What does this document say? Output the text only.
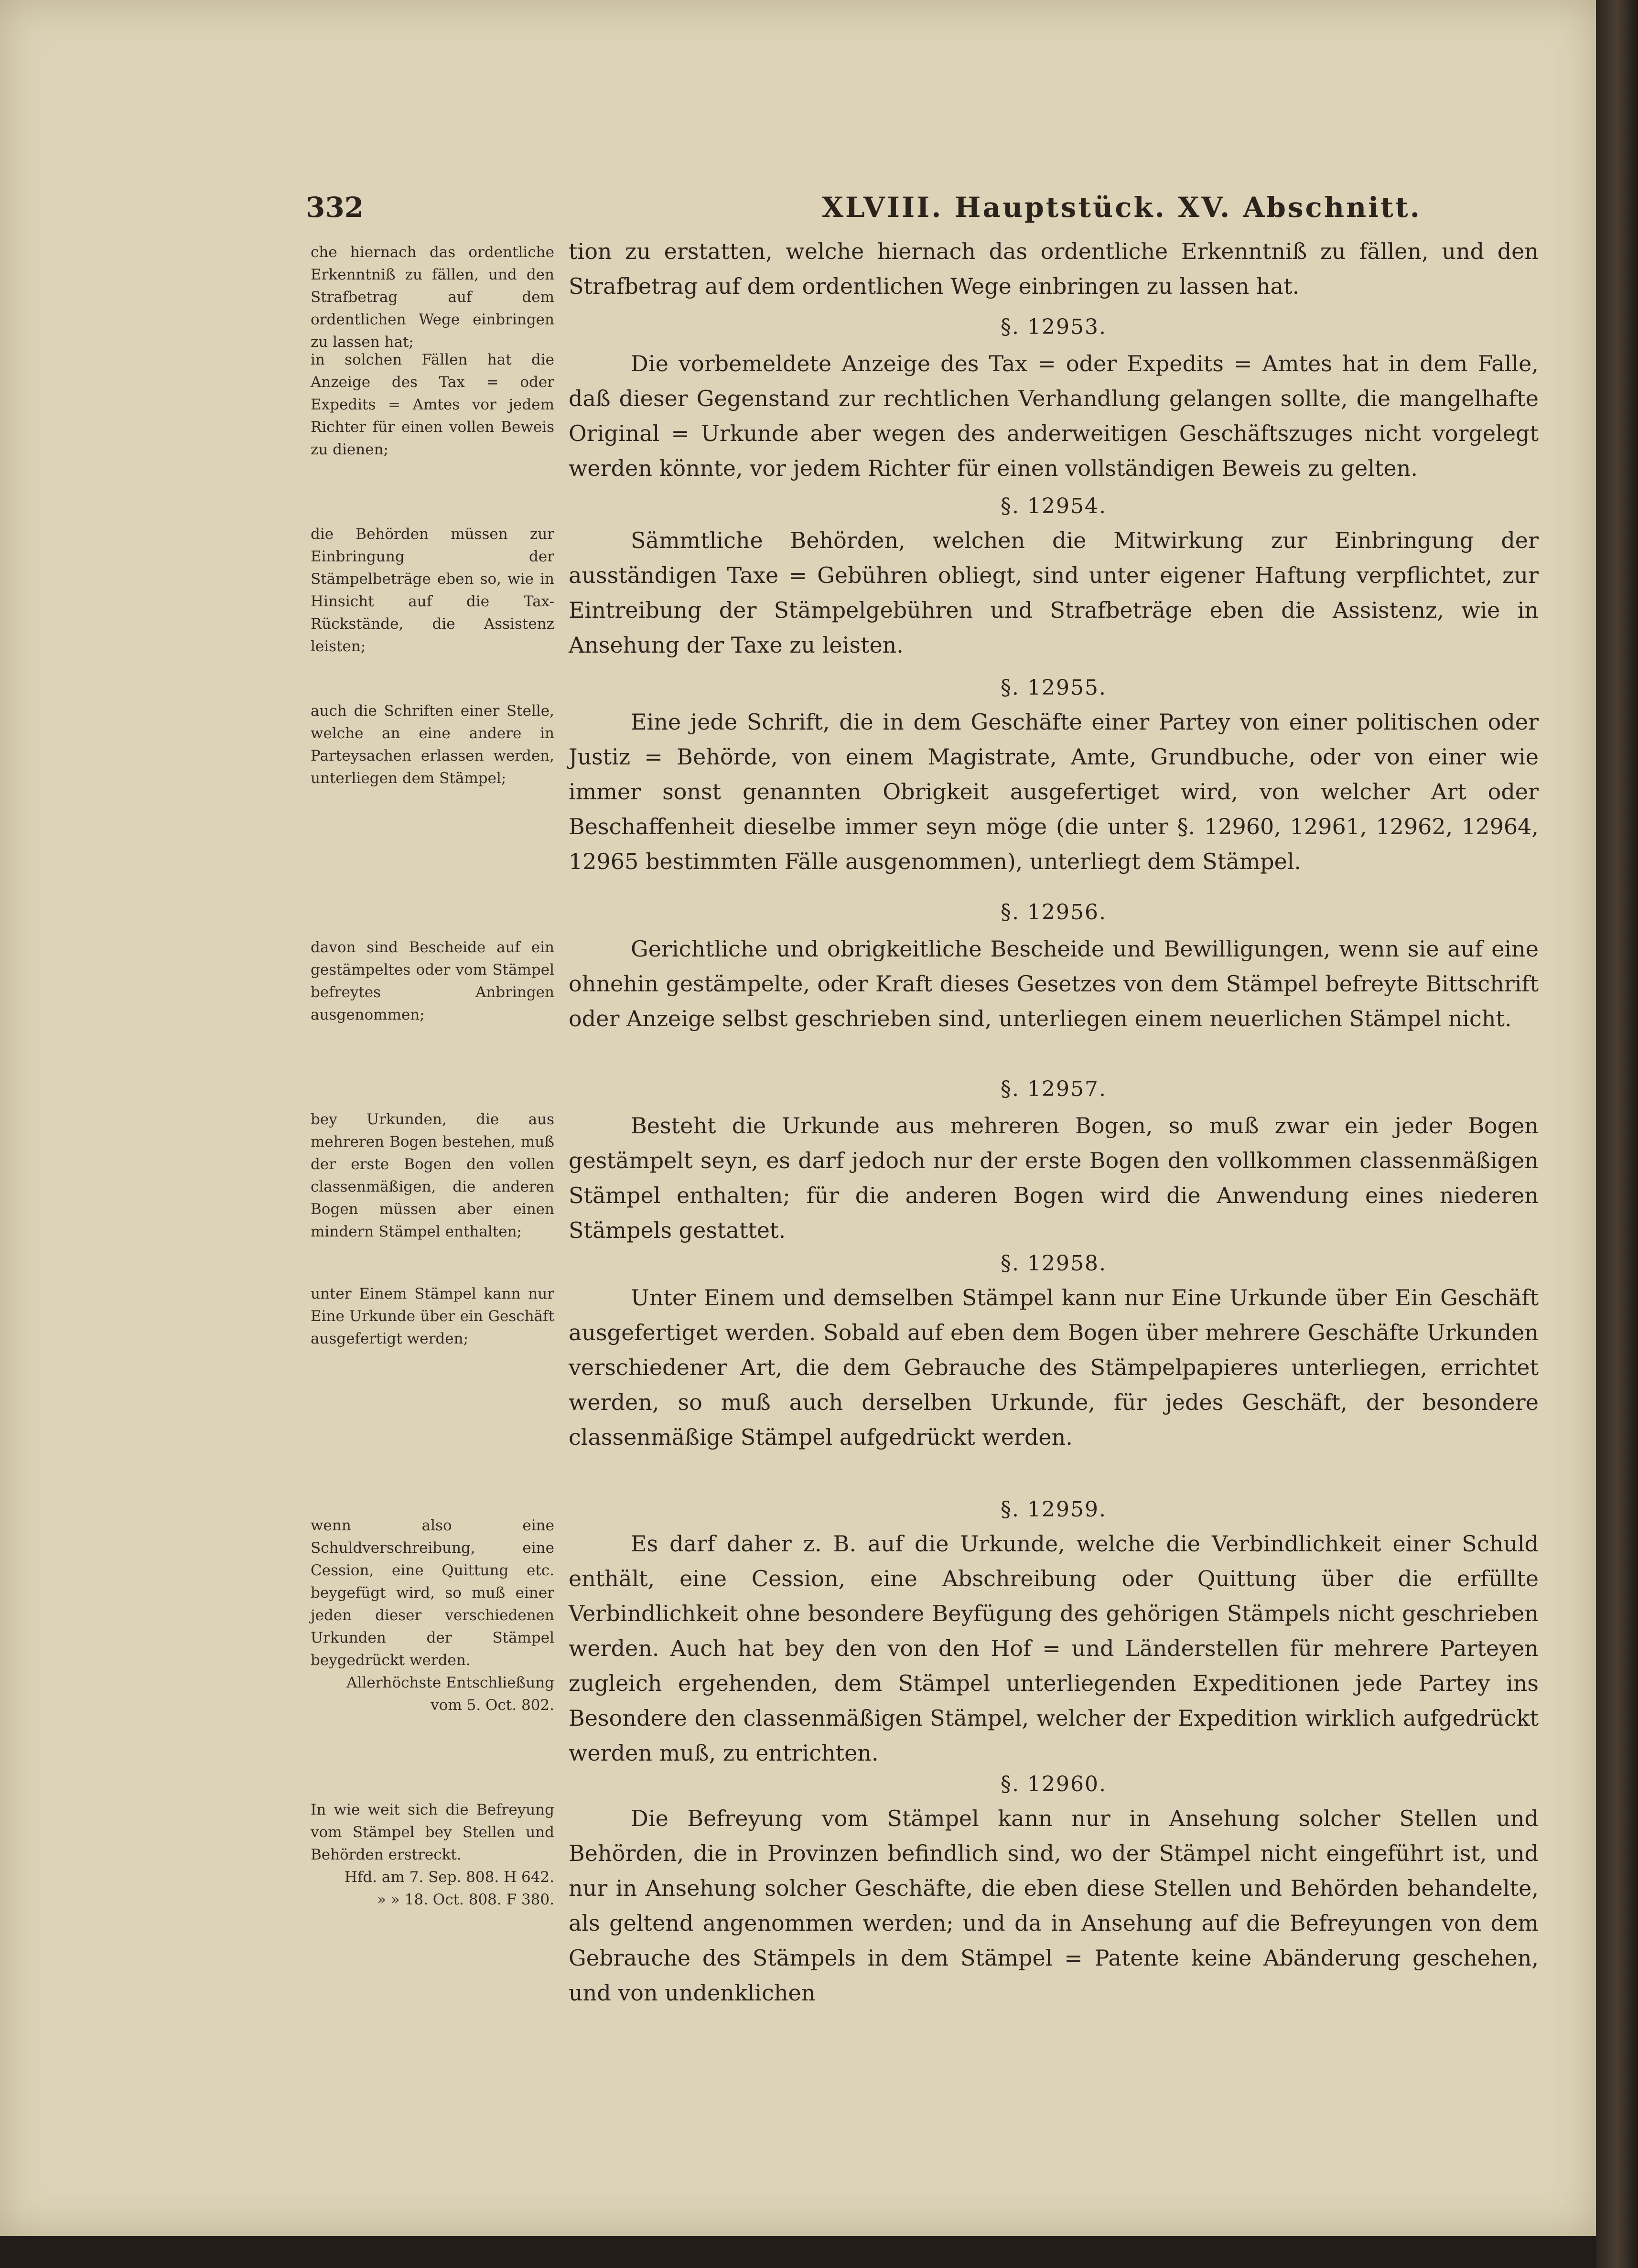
332	XLVIII. Hauptstück. XV. Abschnitt.
che hiernach das ordentliche Erkenntniß zu fällen, und den Strafbetrag auf dem ordentlichen Wege einbringen zu lassen hat;
in solchen Fällen hat die Anzeige des Tax = oder Expedits = Amtes vor jedem Richter für einen vollen Beweis zu dienen;
die Behörden müssen zur Einbringung der Stämpelbeträge eben so, wie in Hinsicht auf die Tax-Rückstände, die Assistenz leisten;
auch die Schriften einer Stelle, welche an eine andere in Parteysachen erlassen werden, unterliegen dem Stämpel;
davon sind Bescheide auf ein gestämpeltes oder vom Stämpel befreytes Anbringen ausgenommen;
bey Urkunden, die aus mehreren Bogen bestehen, muß der erste Bogen den vollen classenmäßigen, die anderen Bogen müssen aber einen mindern Stämpel enthalten;
unter Einem Stämpel kann nur Eine Urkunde über ein Geschäft ausgefertigt werden;
wenn also eine Schuldverschreibung, eine Cession, eine Quittung etc. beygefügt wird, so muß einer jeden dieser verschiedenen Urkunden der Stämpel beygedrückt werden.
Allerhöchste Entschließung vom 5. Oct. 802.
In wie weit sich die Befreyung vom Stämpel bey Stellen und Behörden erstreckt.
Hfd. am 7. Sep. 808. H 642.
» » 18. Oct. 808. F 380.
tion zu erstatten, welche hiernach das ordentliche Erkenntniß zu fällen, und den Strafbetrag auf dem ordentlichen Wege einbringen zu lassen hat.
§. 12953.
Die vorbemeldete Anzeige des Tax = oder Expedits = Amtes hat in dem Falle, daß dieser Gegenstand zur rechtlichen Verhandlung gelangen sollte, die mangelhafte Original = Urkunde aber wegen des anderweitigen Geschäftszuges nicht vorgelegt werden könnte, vor jedem Richter für einen vollständigen Beweis zu gelten.
§. 12954.
Sämmtliche Behörden, welchen die Mitwirkung zur Einbringung der ausständigen Taxe = Gebühren obliegt, sind unter eigener Haftung verpflichtet, zur Eintreibung der Stämpelgebühren und Strafbeträge eben die Assistenz, wie in Ansehung der Taxe zu leisten.
§. 12955.
Eine jede Schrift, die in dem Geschäfte einer Partey von einer politischen oder Justiz = Behörde, von einem Magistrate, Amte, Grundbuche, oder von einer wie immer sonst genannten Obrigkeit ausgefertiget wird, von welcher Art oder Beschaffenheit dieselbe immer seyn möge (die unter §. 12960, 12961, 12962, 12964, 12965 bestimmten Fälle ausgenommen), unterliegt dem Stämpel.
§. 12956.
Gerichtliche und obrigkeitliche Bescheide und Bewilligungen, wenn sie auf eine ohnehin gestämpelte, oder Kraft dieses Gesetzes von dem Stämpel befreyte Bittschrift oder Anzeige selbst geschrieben sind, unterliegen einem neuerlichen Stämpel nicht.
§. 12957.
Besteht die Urkunde aus mehreren Bogen, so muß zwar ein jeder Bogen gestämpelt seyn, es darf jedoch nur der erste Bogen den vollkommen classenmäßigen Stämpel enthalten; für die anderen Bogen wird die Anwendung eines niederen Stämpels gestattet.
§. 12958.
Unter Einem und demselben Stämpel kann nur Eine Urkunde über Ein Geschäft ausgefertiget werden. Sobald auf eben dem Bogen über mehrere Geschäfte Urkunden verschiedener Art, die dem Gebrauche des Stämpelpapieres unterliegen, errichtet werden, so muß auch derselben Urkunde, für jedes Geschäft, der besondere classenmäßige Stämpel aufgedrückt werden.
§. 12959.
Es darf daher z. B. auf die Urkunde, welche die Verbindlichkeit einer Schuld enthält, eine Cession, eine Abschreibung oder Quittung über die erfüllte Verbindlichkeit ohne besondere Beyfügung des gehörigen Stämpels nicht geschrieben werden. Auch hat bey den von den Hof = und Länderstellen für mehrere Parteyen zugleich ergehenden, dem Stämpel unterliegenden Expeditionen jede Partey ins Besondere den classenmäßigen Stämpel, welcher der Expedition wirklich aufgedrückt werden muß, zu entrichten.
§. 12960.
Die Befreyung vom Stämpel kann nur in Ansehung solcher Stellen und Behörden, die in Provinzen befindlich sind, wo der Stämpel nicht eingeführt ist, und nur in Ansehung solcher Geschäfte, die eben diese Stellen und Behörden behandelte, als geltend angenommen werden; und da in Ansehung auf die Befreyungen von dem Gebrauche des Stämpels in dem Stämpel = Patente keine Abänderung geschehen, und von undenklichen
